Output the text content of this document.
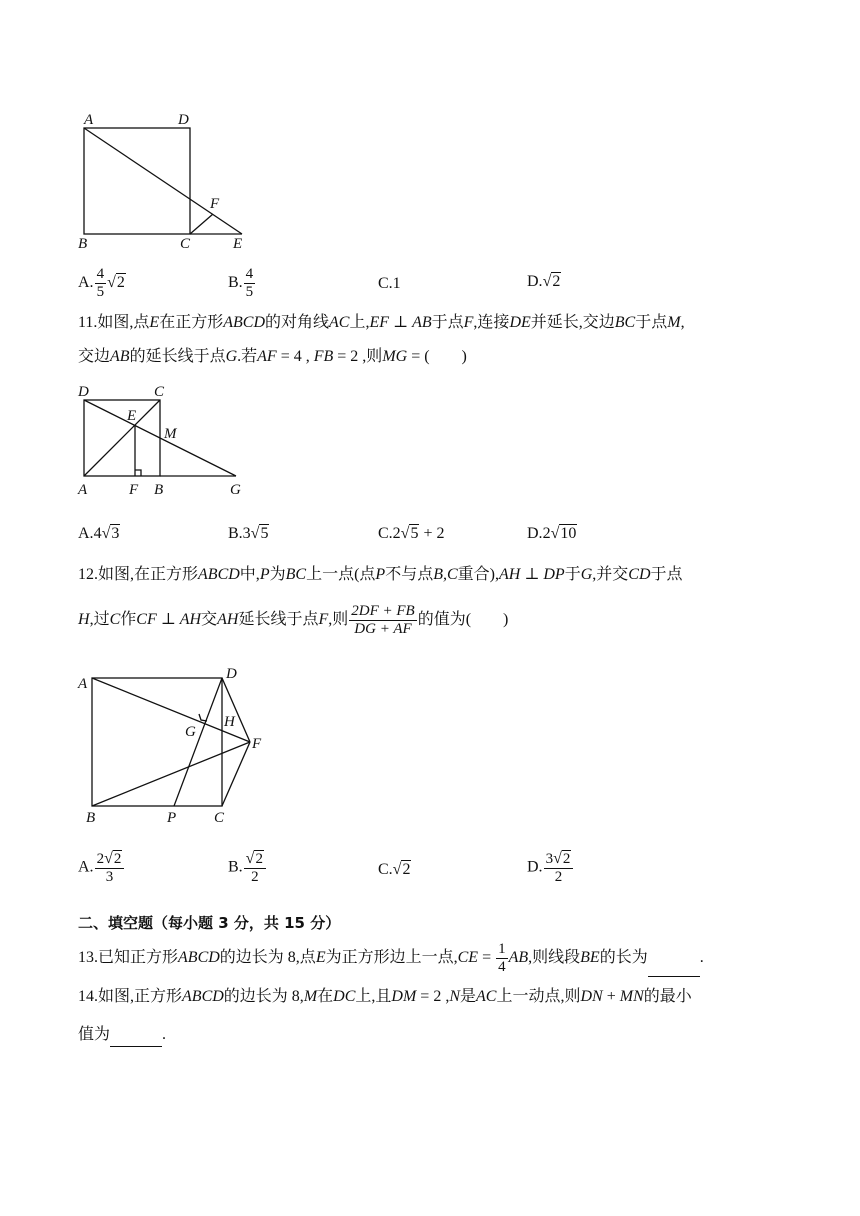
A	D
F
B	C	E
A. $\frac{4}{5} √2$	B. $\frac{4}{5}$	C.1	D.√2
11.如图,点E在正方形ABCD的对角线AC上,EF ⊥ AB于点F,连接DE并延长,交边BC于点M,
交边AB的延长线于点G.若AF = 4 , FB = 2 ,则MG = (　　)
D	C
E
M
A	F B	G
A.4√3	B.3√5	C.2√5 + 2	D.2√10
12.如图,在正方形ABCD中,P为BC上一点(点P不与点B,C重合),AH ⊥ DP于G,并交CD于点
H,过C作CF ⊥ AH交AH延长线于点F,则 $\frac{2DF + FB}{DG + AF}$ 的值为(　　)
A
D
G
H
F
B	P	C
A. $\frac{2√2}{3}$	B. $\frac{√2}{2}$	C.√2	D. $\frac{3√2}{2}$
二、填空题（每小题 3 分，共 15 分）
13.已知正方形ABCD的边长为 8,点E为正方形边上一点$,CE = \frac{1}{4}$ AB,则线段BE的长为	.
14.如图,正方形ABCD的边长为 8,M在DC上,且DM = 2 ,N是AC上一动点,则DN + MN的最小
值为	.
